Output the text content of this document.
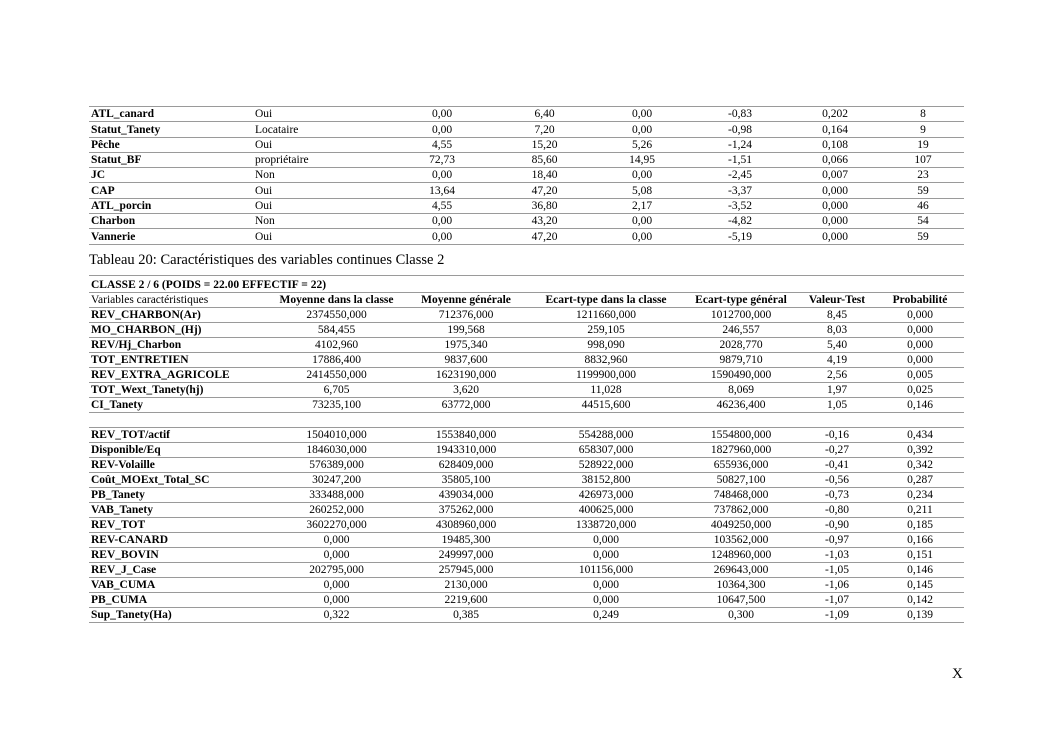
ATL_canard	Oui	0,00	6,40	0,00	-0,83	0,202	8
Statut_Tanety	Locataire	0,00	7,20	0,00	-0,98	0,164	9
Pêche	Oui	4,55	15,20	5,26	-1,24	0,108	19
Statut_BF	propriétaire	72,73	85,60	14,95	-1,51	0,066	107
JC	Non	0,00	18,40	0,00	-2,45	0,007	23
CAP	Oui	13,64	47,20	5,08	-3,37	0,000	59
ATL_porcin	Oui	4,55	36,80	2,17	-3,52	0,000	46
Charbon	Non	0,00	43,20	0,00	-4,82	0,000	54
Vannerie	Oui	0,00	47,20	0,00	-5,19	0,000	59
Tableau 20: Caractéristiques des variables continues Classe 2
CLASSE 2 / 6 (POIDS = 22.00 EFFECTIF = 22)						
Variables caractéristiques	Moyenne dans la classe	Moyenne générale	Ecart-type dans la classe	Ecart-type général	Valeur-Test	Probabilité
REV_CHARBON(Ar)	2374550,000	712376,000	1211660,000	1012700,000	8,45	0,000
MO_CHARBON_(Hj)	584,455	199,568	259,105	246,557	8,03	0,000
REV/Hj_Charbon	4102,960	1975,340	998,090	2028,770	5,40	0,000
TOT_ENTRETIEN	17886,400	9837,600	8832,960	9879,710	4,19	0,000
REV_EXTRA_AGRICOLE	2414550,000	1623190,000	1199900,000	1590490,000	2,56	0,005
TOT_Wext_Tanety(hj)	6,705	3,620	11,028	8,069	1,97	0,025
CI_Tanety	73235,100	63772,000	44515,600	46236,400	1,05	0,146

REV_TOT/actif	1504010,000	1553840,000	554288,000	1554800,000	-0,16	0,434
Disponible/Eq	1846030,000	1943310,000	658307,000	1827960,000	-0,27	0,392
REV-Volaille	576389,000	628409,000	528922,000	655936,000	-0,41	0,342
Coût_MOExt_Total_SC	30247,200	35805,100	38152,800	50827,100	-0,56	0,287
PB_Tanety	333488,000	439034,000	426973,000	748468,000	-0,73	0,234
VAB_Tanety	260252,000	375262,000	400625,000	737862,000	-0,80	0,211
REV_TOT	3602270,000	4308960,000	1338720,000	4049250,000	-0,90	0,185
REV-CANARD	0,000	19485,300	0,000	103562,000	-0,97	0,166
REV_BOVIN	0,000	249997,000	0,000	1248960,000	-1,03	0,151
REV_J_Case	202795,000	257945,000	101156,000	269643,000	-1,05	0,146
VAB_CUMA	0,000	2130,000	0,000	10364,300	-1,06	0,145
PB_CUMA	0,000	2219,600	0,000	10647,500	-1,07	0,142
Sup_Tanety(Ha)	0,322	0,385	0,249	0,300	-1,09	0,139
X
